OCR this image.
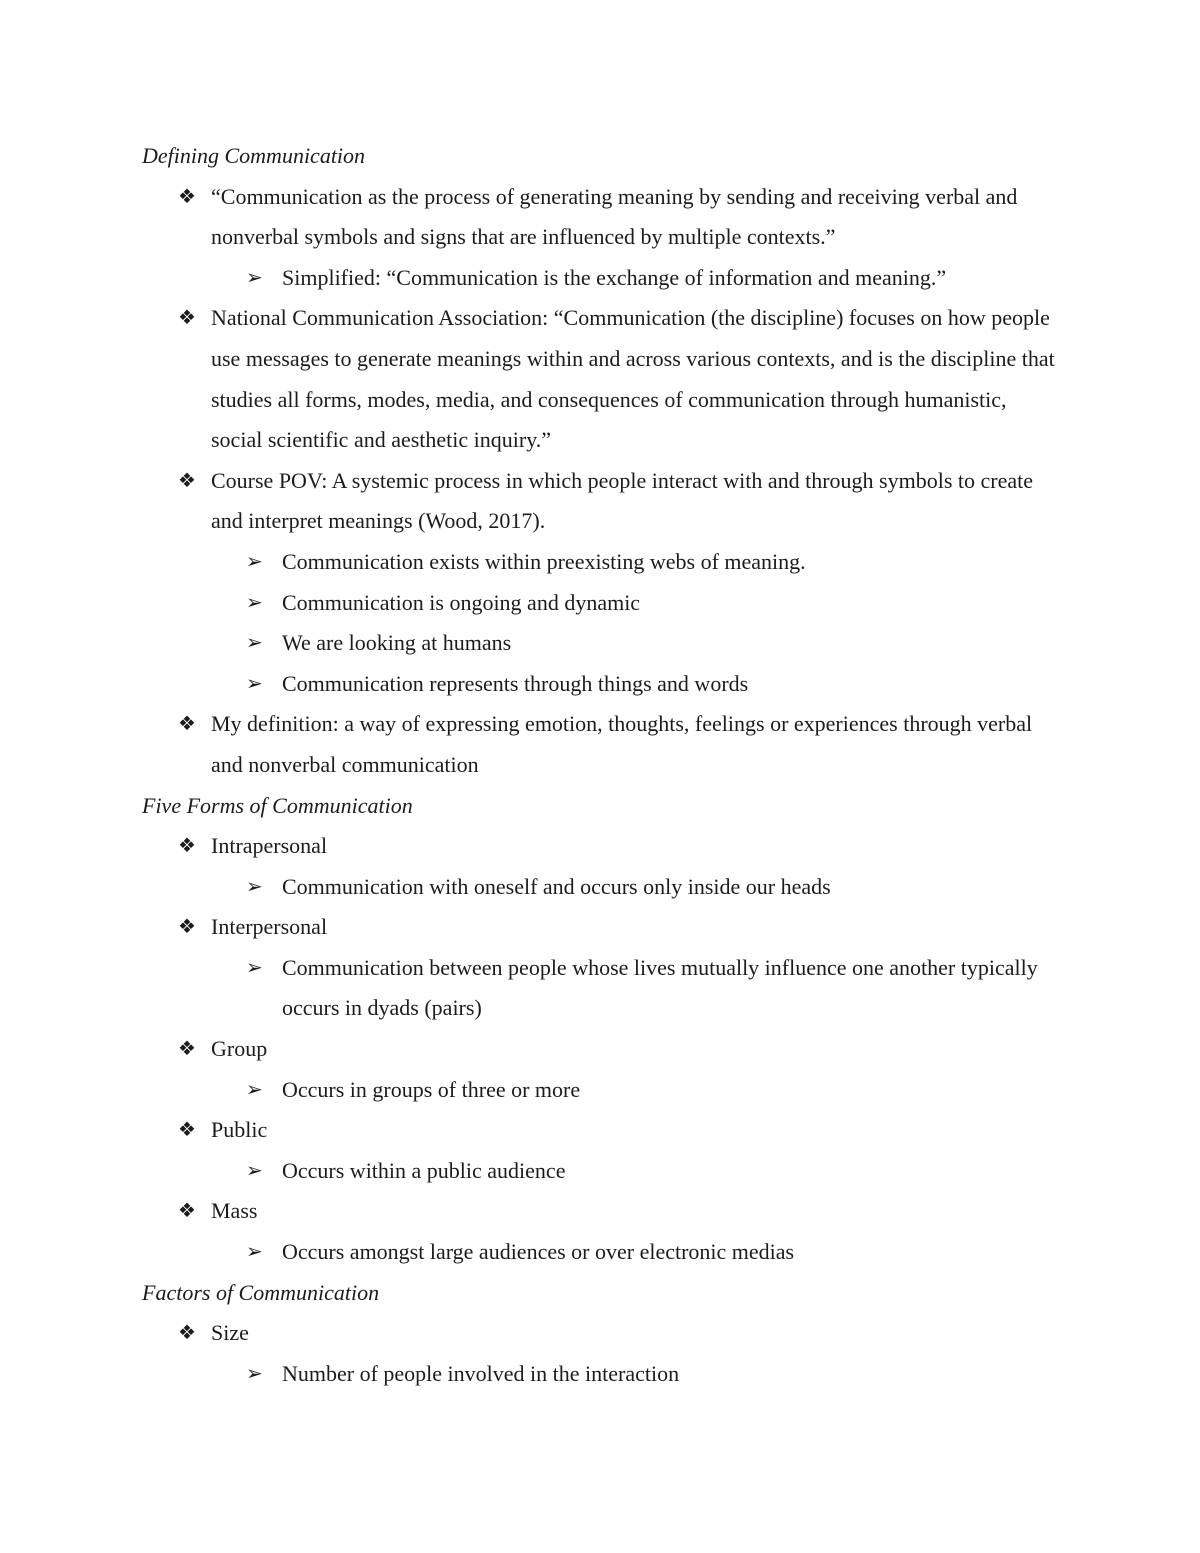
Defining Communication

❖ “Communication as the process of generating meaning by sending and receiving verbal and nonverbal symbols and signs that are influenced by multiple contexts.”
➢ Simplified: “Communication is the exchange of information and meaning.”
❖ National Communication Association: “Communication (the discipline) focuses on how people use messages to generate meanings within and across various contexts, and is the discipline that studies all forms, modes, media, and consequences of communication through humanistic, social scientific and aesthetic inquiry.”
❖ Course POV: A systemic process in which people interact with and through symbols to create and interpret meanings (Wood, 2017).
➢ Communication exists within preexisting webs of meaning.
➢ Communication is ongoing and dynamic
➢ We are looking at humans
➢ Communication represents through things and words
❖ My definition: a way of expressing emotion, thoughts, feelings or experiences through verbal and nonverbal communication

Five Forms of Communication

❖ Intrapersonal
➢ Communication with oneself and occurs only inside our heads
❖ Interpersonal
➢ Communication between people whose lives mutually influence one another typically occurs in dyads (pairs)
❖ Group
➢ Occurs in groups of three or more
❖ Public
➢ Occurs within a public audience
❖ Mass
➢ Occurs amongst large audiences or over electronic medias

Factors of Communication

❖ Size
➢ Number of people involved in the interaction
